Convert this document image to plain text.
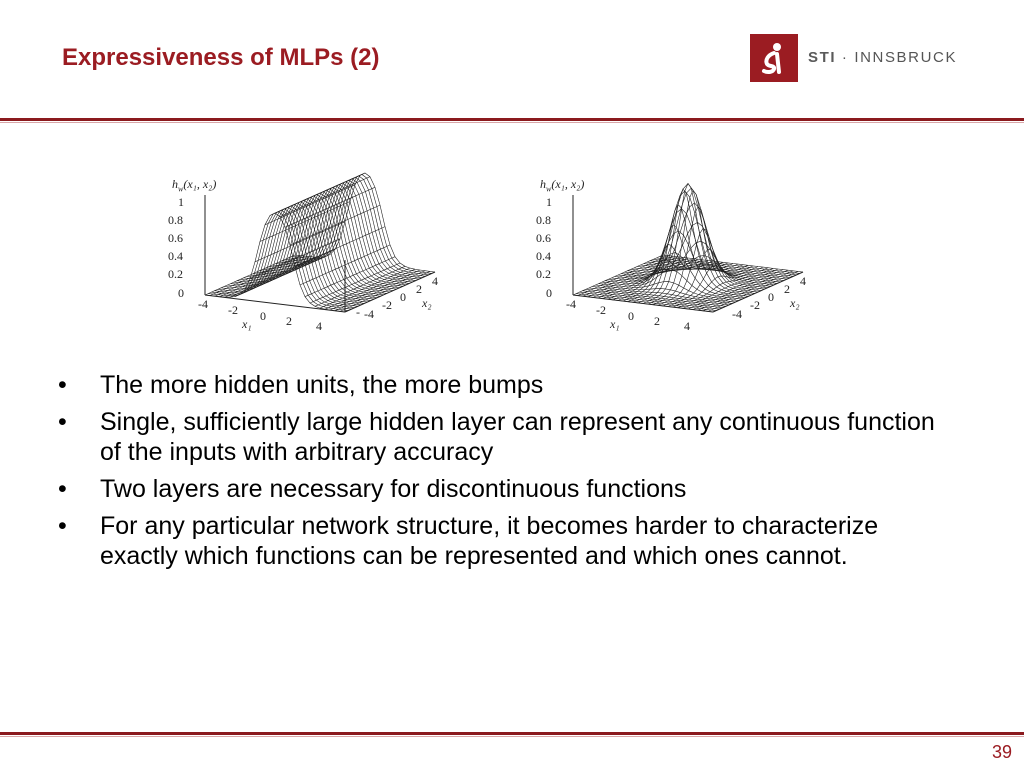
Expressiveness of MLPs (2)	STI · INNSBRUCK
$h_w(x_1$, x₂)
1
0.8
0.6
0.4
0.2
0
-4 -2 0 2 4
x₁
4
2
0
-2
-4
x₂
-
$h_w(x_1$, x₂)
1
0.8
0.6
0.4
0.2
0
-4 -2 0 2 4
x₁
4
2
0
-2
-4
x₂
• The more hidden units, the more bumps
• Single, sufficiently large hidden layer can represent any continuous function of the inputs with arbitrary accuracy
• Two layers are necessary for discontinuous functions
• For any particular network structure, it becomes harder to characterize exactly which functions can be represented and which ones cannot.
39
